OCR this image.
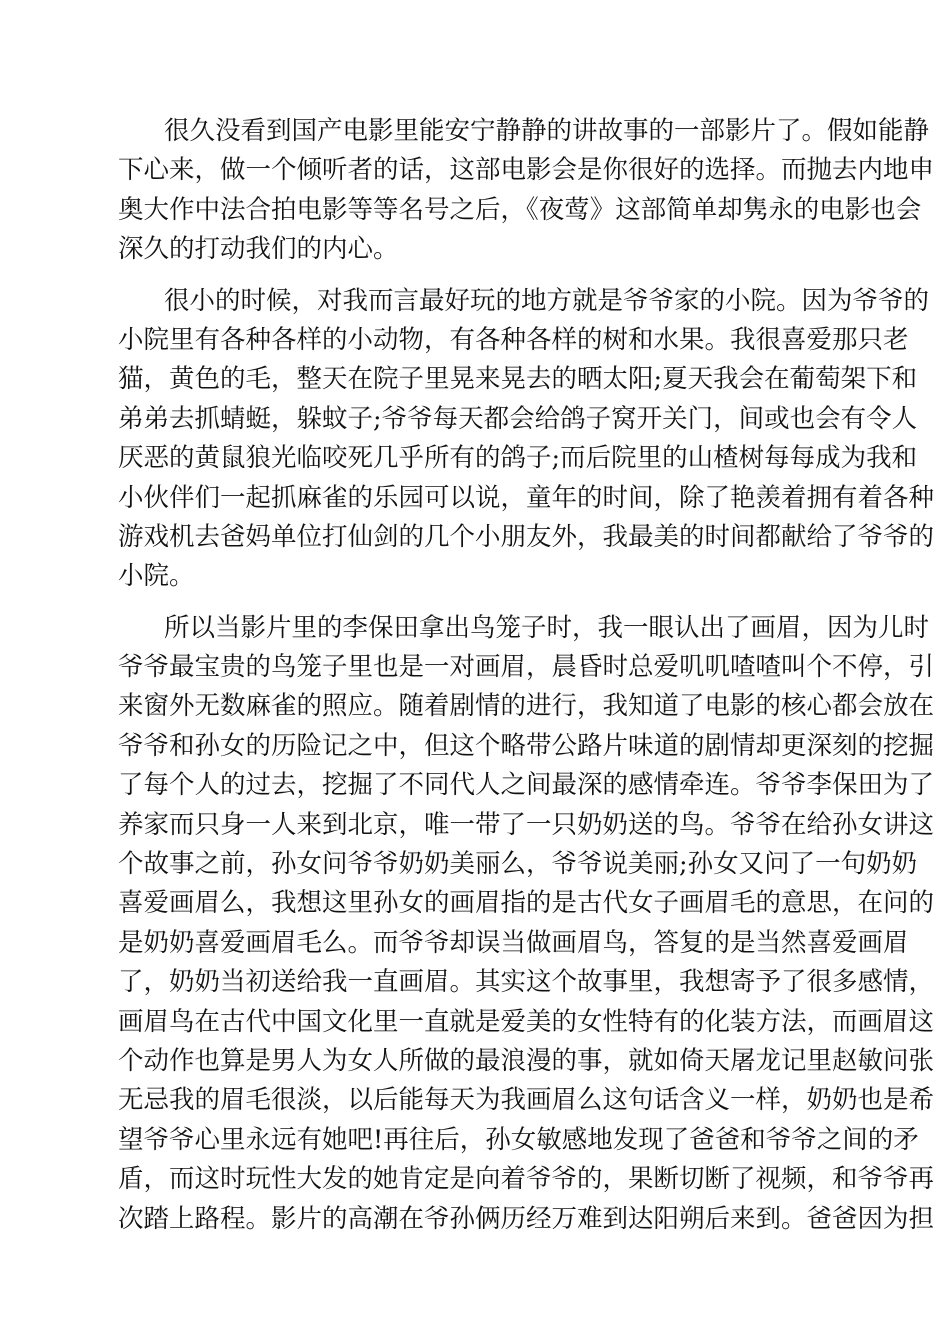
很久没看到国产电影里能安宁静静的讲故事的一部影片了。假如能静
下心来，做一个倾听者的话，这部电影会是你很好的选择。而抛去内地申
奥大作中法合拍电影等等名号之后，《夜莺》这部简单却隽永的电影也会
深久的打动我们的内心。
很小的时候，对我而言最好玩的地方就是爷爷家的小院。因为爷爷的
小院里有各种各样的小动物，有各种各样的树和水果。我很喜爱那只老
猫，黄色的毛，整天在院子里晃来晃去的晒太阳;夏天我会在葡萄架下和
弟弟去抓蜻蜓，躲蚊子;爷爷每天都会给鸽子窝开关门，间或也会有令人
厌恶的黄鼠狼光临咬死几乎所有的鸽子;而后院里的山楂树每每成为我和
小伙伴们一起抓麻雀的乐园可以说，童年的时间，除了艳羡着拥有着各种
游戏机去爸妈单位打仙剑的几个小朋友外，我最美的时间都献给了爷爷的
小院。
所以当影片里的李保田拿出鸟笼子时，我一眼认出了画眉，因为儿时
爷爷最宝贵的鸟笼子里也是一对画眉，晨昏时总爱叽叽喳喳叫个不停，引
来窗外无数麻雀的照应。随着剧情的进行，我知道了电影的核心都会放在
爷爷和孙女的历险记之中，但这个略带公路片味道的剧情却更深刻的挖掘
了每个人的过去，挖掘了不同代人之间最深的感情牵连。爷爷李保田为了
养家而只身一人来到北京，唯一带了一只奶奶送的鸟。爷爷在给孙女讲这
个故事之前，孙女问爷爷奶奶美丽么，爷爷说美丽;孙女又问了一句奶奶
喜爱画眉么，我想这里孙女的画眉指的是古代女子画眉毛的意思，在问的
是奶奶喜爱画眉毛么。而爷爷却误当做画眉鸟，答复的是当然喜爱画眉
了，奶奶当初送给我一直画眉。其实这个故事里，我想寄予了很多感情，
画眉鸟在古代中国文化里一直就是爱美的女性特有的化装方法，而画眉这
个动作也算是男人为女人所做的最浪漫的事，就如倚天屠龙记里赵敏问张
无忌我的眉毛很淡，以后能每天为我画眉么这句话含义一样，奶奶也是希
望爷爷心里永远有她吧!再往后，孙女敏感地发现了爸爸和爷爷之间的矛
盾，而这时玩性大发的她肯定是向着爷爷的，果断切断了视频，和爷爷再
次踏上路程。影片的高潮在爷孙俩历经万难到达阳朔后来到。爸爸因为担
